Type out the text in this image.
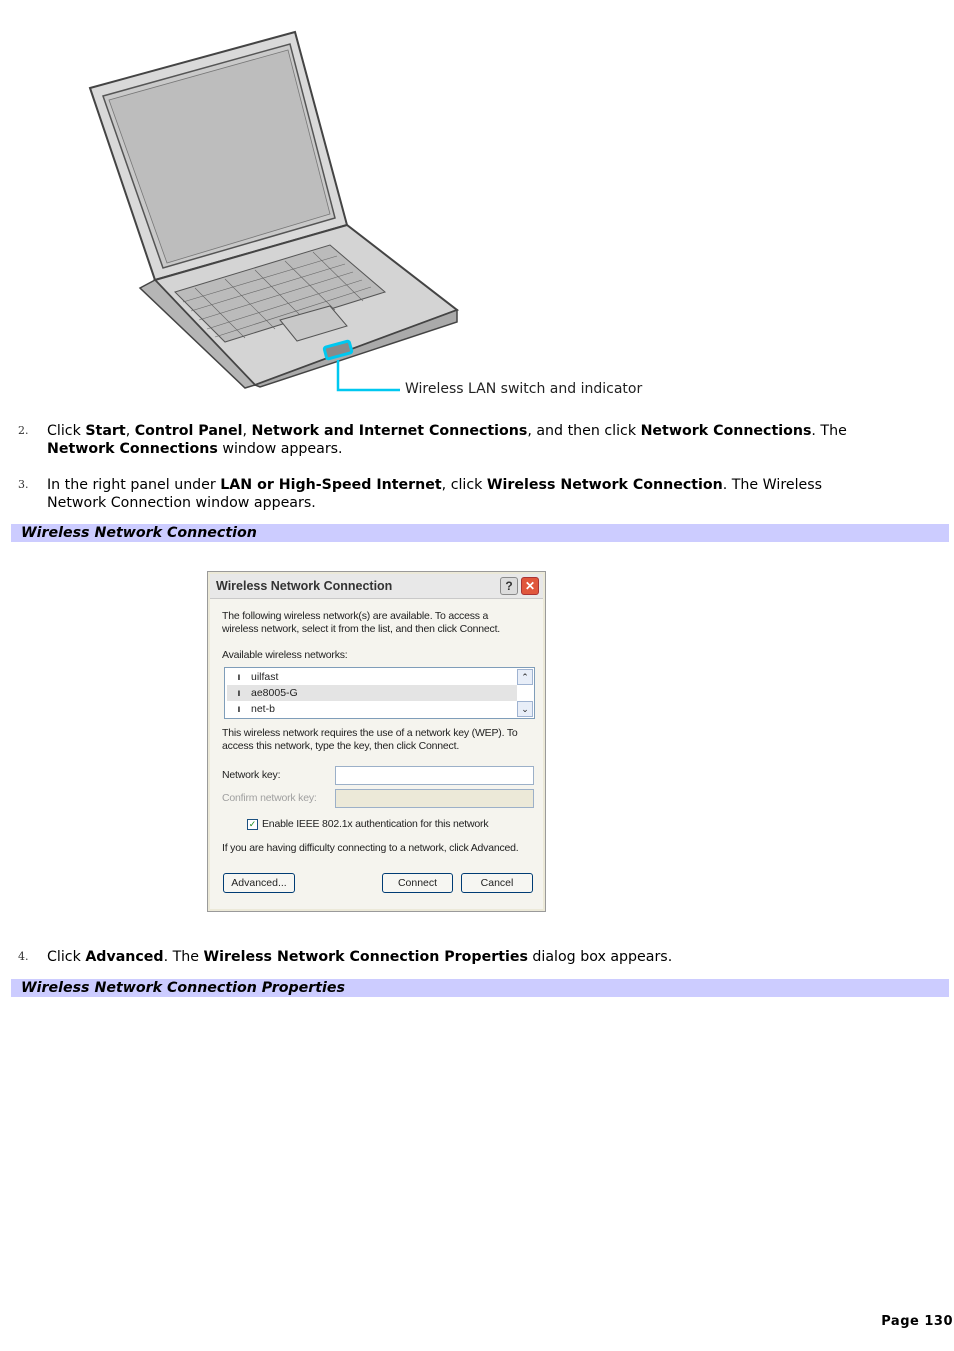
Wireless LAN switch and indicator
2. Click Start, Control Panel, Network and Internet Connections, and then click Network Connections. The
Network Connections window appears.
3. In the right panel under LAN or High-Speed Internet, click Wireless Network Connection. The Wireless
Network Connection window appears.
Wireless Network Connection
Wireless Network Connection	?	✕
The following wireless network(s) are available. To access a
wireless network, select it from the list, and then click Connect.
Available wireless networks:
ı uilfast
ı ae8005-G
ı net-b
⌃
⌄
This wireless network requires the use of a network key (WEP). To
access this network, type the key, then click Connect.
Network key:
Confirm network key:
✓ Enable IEEE 802.1x authentication for this network
If you are having difficulty connecting to a network, click Advanced.
Advanced...	Connect	Cancel
4. Click Advanced. The Wireless Network Connection Properties dialog box appears.
Wireless Network Connection Properties
Page 130
